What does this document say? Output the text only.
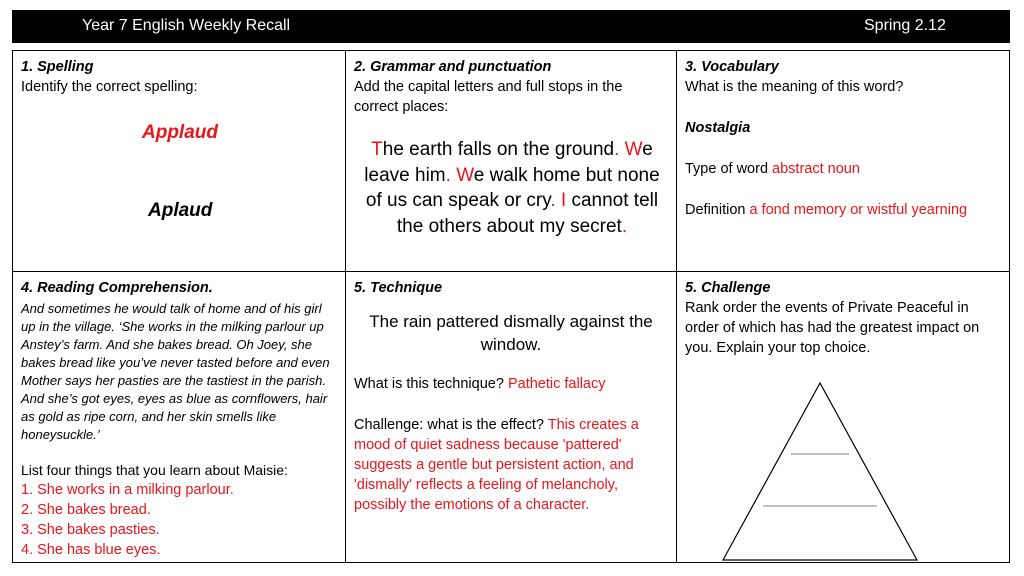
Year 7 English Weekly Recall	Spring 2.12
1. Spelling
Identify the correct spelling:
Applaud
Aplaud
2. Grammar and punctuation
Add the capital letters and full stops in the correct places:
The earth falls on the ground. We leave him. We walk home but none of us can speak or cry. I cannot tell the others about my secret.
3. Vocabulary
What is the meaning of this word?
Nostalgia
Type of word abstract noun
Definition a fond memory or wistful yearning
4. Reading Comprehension.
And sometimes he would talk of home and of his girl up in the village. ‘She works in the milking parlour up Anstey’s farm. And she bakes bread. Oh Joey, she bakes bread like you’ve never tasted before and even Mother says her pasties are the tastiest in the parish. And she’s got eyes, eyes as blue as cornflowers, hair as gold as ripe corn, and her skin smells like honeysuckle.’
List four things that you learn about Maisie:
1. She works in a milking parlour.
2. She bakes bread.
3. She bakes pasties.
4. She has blue eyes.
5. Technique
The rain pattered dismally against the window.
What is this technique? Pathetic fallacy
Challenge: what is the effect? This creates a mood of quiet sadness because 'pattered' suggests a gentle but persistent action, and 'dismally' reflects a feeling of melancholy, possibly the emotions of a character.
5. Challenge
Rank order the events of Private Peaceful in order of which has had the greatest impact on you. Explain your top choice.
